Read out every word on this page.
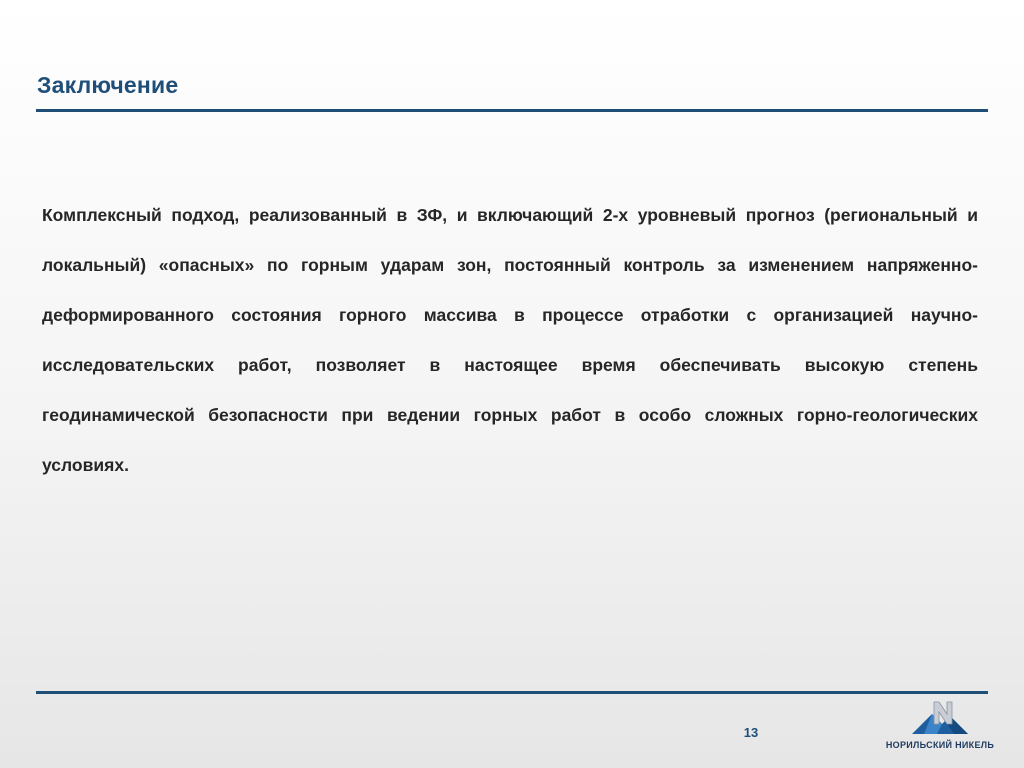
Заключение

Комплексный подход, реализованный в ЗФ, и включающий 2-х уровневый прогноз (региональный и локальный) «опасных» по горным ударам зон, постоянный контроль за изменением напряженно-деформированного состояния горного массива в процессе отработки с организацией научно-исследовательских работ, позволяет в настоящее время обеспечивать высокую степень геодинамической безопасности при ведении горных работ в особо сложных горно-геологических условиях.

13
НОРИЛЬСКИЙ НИКЕЛЬ
